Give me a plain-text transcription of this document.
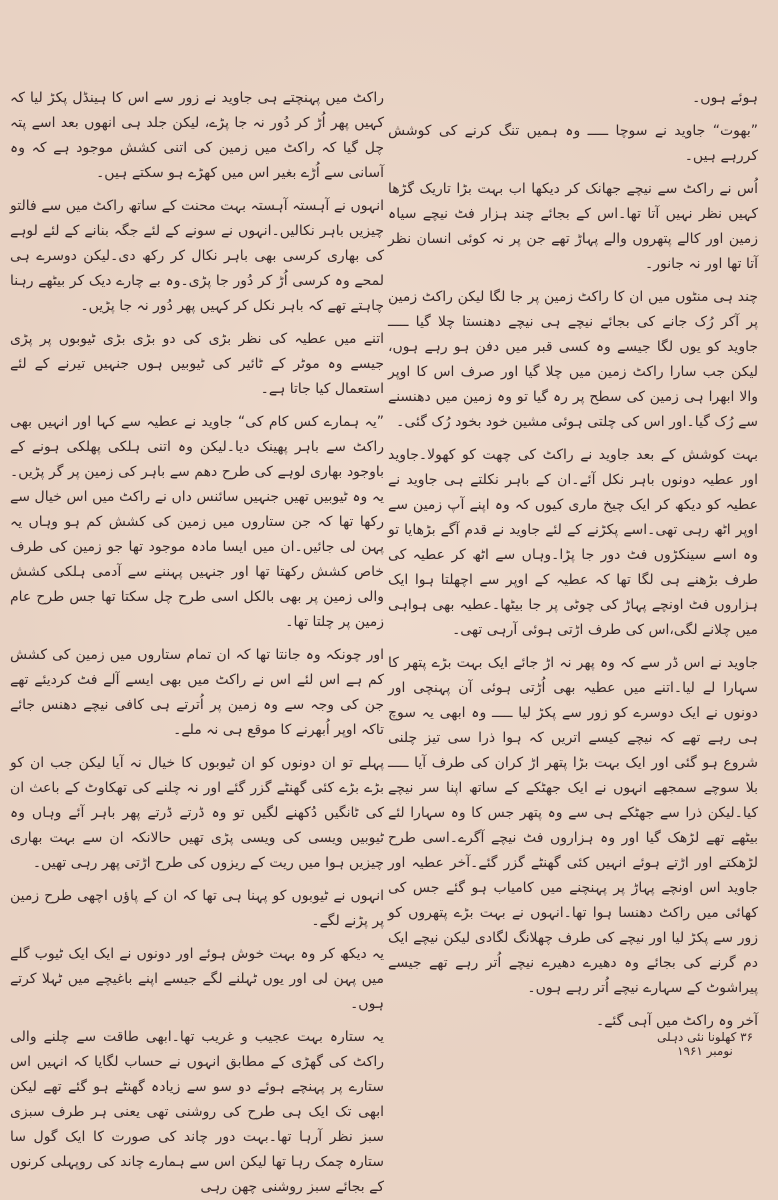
ہوئے ہوں۔

”بھوت“ جاوید نے سوچا ـــــ وہ ہمیں تنگ کرنے کی کوشش کررہے ہیں۔

اُس نے راکٹ سے نیچے جھانک کر دیکھا اب بہت بڑا تاریک گڑھا کہیں نظر نہیں آتا تھا۔اس کے بجائے چند ہزار فٹ نیچے سیاہ زمین اور کالے پتھروں والے پہاڑ تھے جن پر نہ کوئی انسان نظر آتا تھا اور نہ جانور۔

چند ہی منٹوں میں ان کا راکٹ زمین پر جا لگا لیکن راکٹ زمین پر آکر رُک جانے کی بجائے نیچے ہی نیچے دھنستا چلا گیا ـــــ جاوید کو یوں لگا جیسے وہ کسی قبر میں دفن ہو رہے ہوں، لیکن جب سارا راکٹ زمین میں چلا گیا اور صرف اس کا اوپر والا ابھرا ہی زمین کی سطح پر رہ گیا تو وہ زمین میں دھنسنے سے رُک گیا۔اور اس کی چلتی ہوئی مشین خود بخود رُک گئی۔

بہت کوشش کے بعد جاوید نے راکٹ کی چھت کو کھولا۔جاوید اور عطیہ دونوں باہر نکل آئے۔ان کے باہر نکلتے ہی جاوید نے عطیہ کو دیکھ کر ایک چیخ ماری کیوں کہ وہ اپنے آپ زمین سے اوپر اٹھ رہی تھی۔اسے پکڑنے کے لئے جاوید نے قدم آگے بڑھایا تو وہ اسے سینکڑوں فٹ دور جا پڑا۔وہاں سے اٹھ کر عطیہ کی طرف بڑھنے ہی لگا تھا کہ عطیہ کے اوپر سے اچھلتا ہوا ایک ہزاروں فٹ اونچے پہاڑ کی چوٹی پر جا بیٹھا۔عطیہ بھی ہواہی میں چلانے لگی،اس کی طرف اڑتی ہوئی آرہی تھی۔

جاوید نے اس ڈر سے کہ وہ پھر نہ اڑ جائے ایک بہت بڑے پتھر کا سہارا لے لیا۔اتنے میں عطیہ بھی اُڑتی ہوئی آن پہنچی اور دونوں نے ایک دوسرے کو زور سے پکڑ لیا ـــــ وہ ابھی یہ سوچ ہی رہے تھے کہ نیچے کیسے اتریں کہ ہوا ذرا سی تیز چلنی شروع ہو گئی اور ایک بہت بڑا پتھر اڑ کران کی طرف آیا ـــــ بلا سوچے سمجھے انہوں نے ایک جھٹکے کے ساتھ اپنا سر نیچے کیا۔لیکن ذرا سے جھٹکے ہی سے وہ پتھر جس کا وہ سہارا لئے بیٹھے تھے لڑھک گیا اور وہ ہزاروں فٹ نیچے آگرے۔اسی طرح لڑھکتے اور اڑتے ہوئے انہیں کئی گھنٹے گزر گئے۔آخر عطیہ اور جاوید اس اونچے پہاڑ پر پہنچنے میں کامیاب ہو گئے جس کی کھائی میں راکٹ دھنسا ہوا تھا۔انہوں نے بہت بڑے پتھروں کو زور سے پکڑ لیا اور نیچے کی طرف چھلانگ لگادی لیکن نیچے ایک دم گرنے کی بجائے وہ دھیرے دھیرے نیچے اُتر رہے تھے جیسے پیراشوٹ کے سہارے نیچے اُتر رہے ہوں۔

آخر وہ راکٹ میں آہی گئے۔

راکٹ میں پہنچتے ہی جاوید نے زور سے اس کا ہینڈل پکڑ لیا کہ کہیں پھر اُڑ کر دُور نہ جا پڑے، لیکن جلد ہی انھوں بعد اسے پتہ چل گیا کہ راکٹ میں زمین کی اتنی کشش موجود ہے کہ وہ آسانی سے اُڑے بغیر اس میں کھڑے ہو سکتے ہیں۔

انہوں نے آہستہ آہستہ بہت محنت کے ساتھ راکٹ میں سے فالتو چیزیں باہر نکالیں۔انہوں نے سونے کے لئے جگہ بنانے کے لئے لوہے کی بھاری کرسی بھی باہر نکال کر رکھ دی۔لیکن دوسرے ہی لمحے وہ کرسی اُڑ کر دُور جا پڑی۔وہ بے چارے دیک کر بیٹھے رہنا چاہتے تھے کہ باہر نکل کر کہیں پھر دُور نہ جا پڑیں۔

اتنے میں عطیہ کی نظر بڑی کی دو بڑی بڑی ٹیوبوں پر پڑی جیسے وہ موٹر کے ٹائیر کی ٹیوبیں ہوں جنہیں تیرنے کے لئے استعمال کیا جاتا ہے۔

”یہ ہمارے کس کام کی“ جاوید نے عطیہ سے کہا اور انہیں بھی راکٹ سے باہر پھینک دیا۔لیکن وہ اتنی ہلکی پھلکی ہونے کے باوجود بھاری لوہے کی طرح دھم سے باہر کی زمین پر گر پڑیں۔یہ وہ ٹیوبیں تھیں جنہیں سائنس داں نے راکٹ میں اس خیال سے رکھا تھا کہ جن ستاروں میں زمین کی کشش کم ہو وہاں یہ پہن لی جائیں۔ان میں ایسا مادہ موجود تھا جو زمین کی طرف خاص کشش رکھتا تھا اور جنہیں پہننے سے آدمی ہلکی کشش والی زمین پر بھی بالکل اسی طرح چل سکتا تھا جس طرح عام زمین پر چلتا تھا۔

اور چونکہ وہ جانتا تھا کہ ان تمام ستاروں میں زمین کی کشش کم ہے اس لئے اس نے راکٹ میں بھی ایسے آلے فٹ کردیئے تھے جن کی وجہ سے وہ زمین پر اُترتے ہی کافی نیچے دھنس جائے تاکہ اوپر اُبھرنے کا موقع ہی نہ ملے۔

پہلے تو ان دونوں کو ان ٹیوبوں کا خیال نہ آیا لیکن جب ان کو بڑے بڑے کئی گھنٹے گزر گئے اور نہ چلنے کی تھکاوٹ کے باعث ان کی ٹانگیں دُکھنے لگیں تو وہ ڈرتے ڈرتے پھر باہر آئے وہاں وہ ٹیوبیں ویسی کی ویسی پڑی تھیں حالانکہ ان سے بہت بھاری چیزیں ہوا میں ریت کے ریزوں کی طرح اڑتی پھر رہی تھیں۔

انہوں نے ٹیوبوں کو پہنا ہی تھا کہ ان کے پاؤں اچھی طرح زمین پر پڑنے لگے۔

یہ دیکھ کر وہ بہت خوش ہوئے اور دونوں نے ایک ایک ٹیوب گلے میں پہن لی اور یوں ٹہلنے لگے جیسے اپنے باغیچے میں ٹہلا کرتے ہوں۔

یہ ستارہ بہت عجیب و غریب تھا۔ابھی طاقت سے چلنے والی راکٹ کی گھڑی کے مطابق انہوں نے حساب لگایا کہ انہیں اس ستارے پر پہنچے ہوئے دو سو سے زیادہ گھنٹے ہو گئے تھے لیکن ابھی تک ایک ہی طرح کی روشنی تھی یعنی ہر طرف سبزی سبز نظر آرہا تھا۔بہت دور چاند کی صورت کا ایک گول سا ستارہ چمک رہا تھا لیکن اس سے ہمارے چاند کی روپہلی کرنوں کے بجائے سبز روشنی چھن رہی

۳۶ کھلونا نئی دہلی نومبر ۱۹۶۱
